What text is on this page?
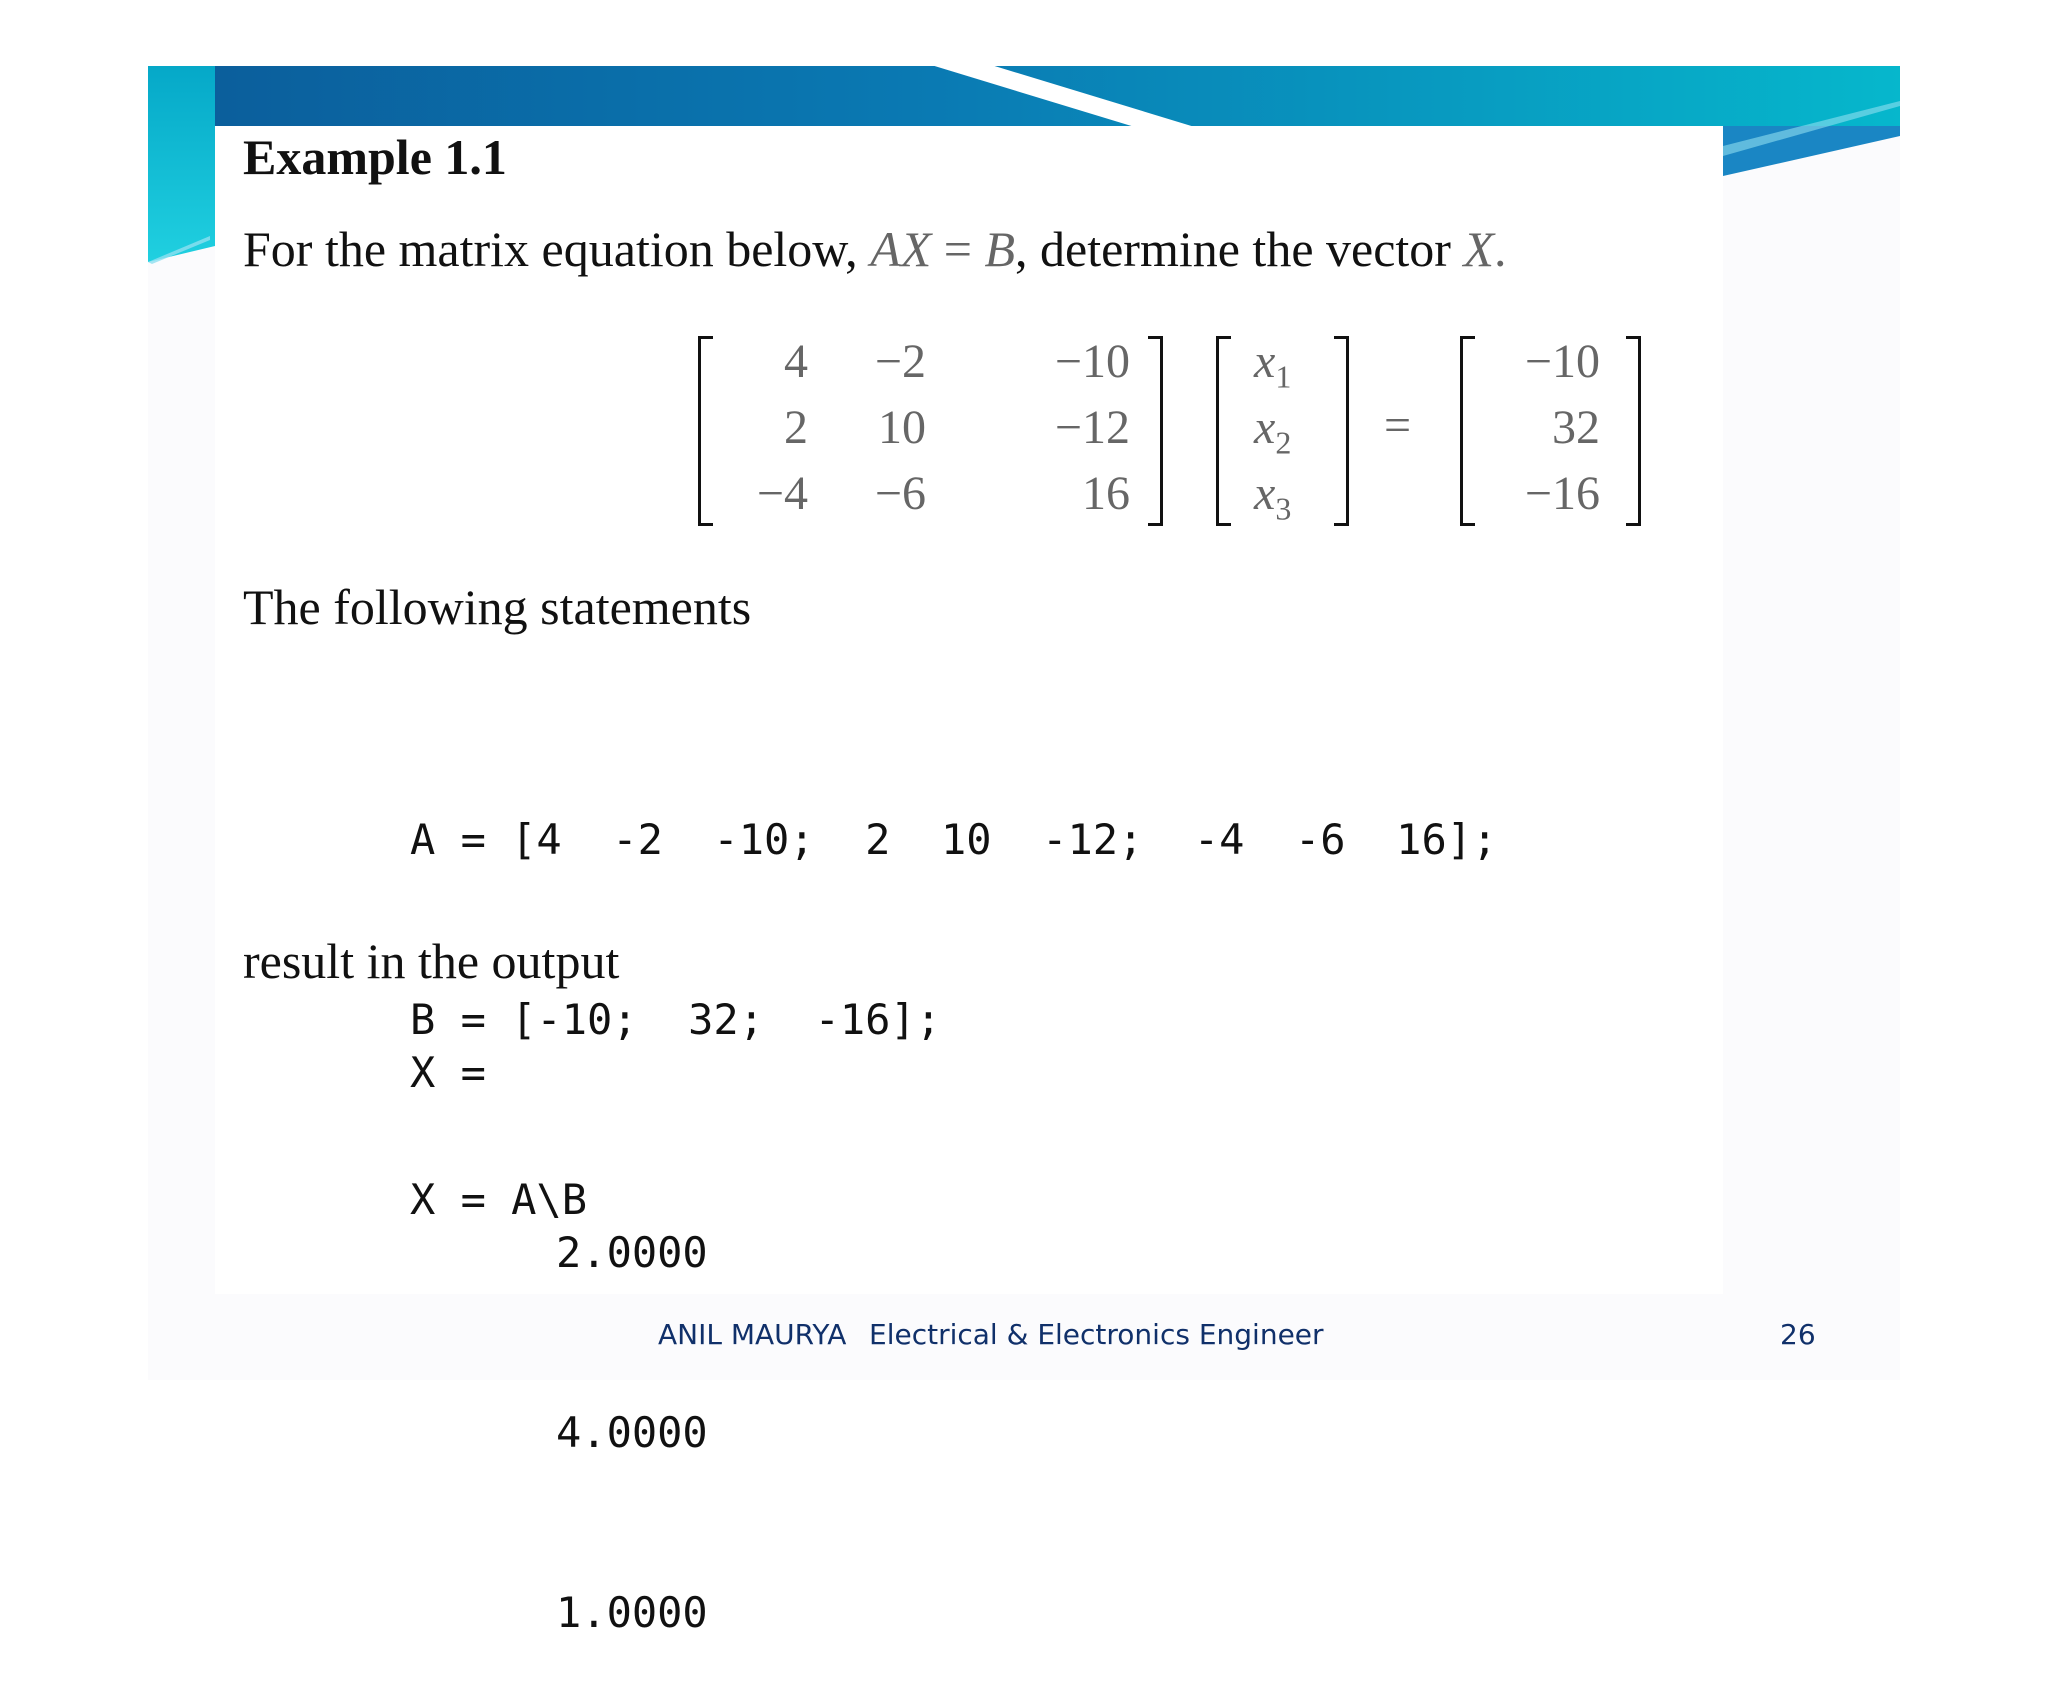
Example 1.1
For the matrix equation below, AX = B, determine the vector X.
4	−2	−10
2	10	−12
−4	−6	16
$x_1$
$x_2$
$x_3$
=
−10
32
−16
The following statements

A = [4  -2  -10;  2  10  -12;  -4  -6  16];

B = [-10;  32;  -16];

X = A\B

result in the output
X =

2.0000

4.0000

1.0000

ANIL MAURYA Electrical & Electronics Engineer	26
